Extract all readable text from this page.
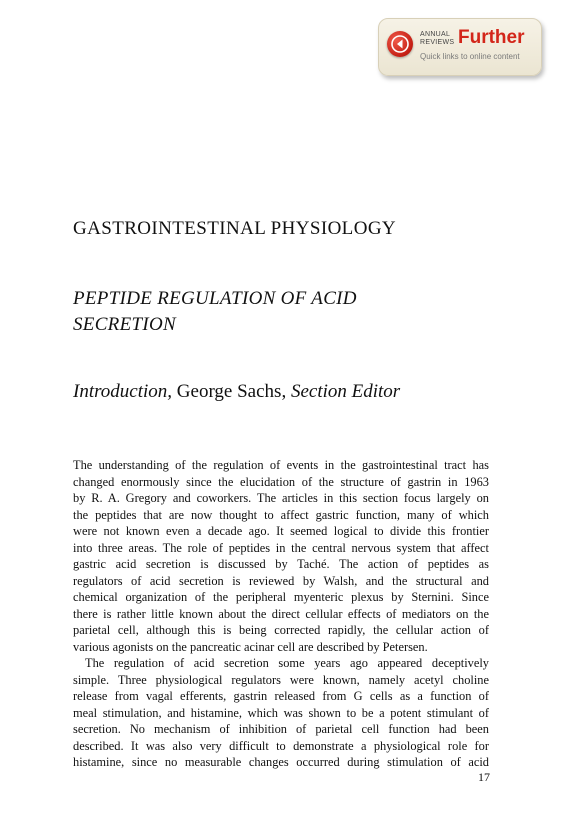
ANNUAL
REVIEWS Further
Quick links to online content
GASTROINTESTINAL PHYSIOLOGY
PEPTIDE REGULATION OF ACID
SECRETION

Introduction, George Sachs, Section Editor

The understanding of the regulation of events in the gastrointestinal tract has
changed enormously since the elucidation of the structure of gastrin in 1963
by R. A. Gregory and coworkers. The articles in this section focus largely on
the peptides that are now thought to affect gastric function, many of which
were not known even a decade ago. It seemed logical to divide this frontier
into three areas. The role of peptides in the central nervous system that affect
gastric acid secretion is discussed by Taché. The action of peptides as
regulators of acid secretion is reviewed by Walsh, and the structural and
chemical organization of the peripheral myenteric plexus by Sternini. Since
there is rather little known about the direct cellular effects of mediators on the
parietal cell, although this is being corrected rapidly, the cellular action of
various agonists on the pancreatic acinar cell are described by Petersen.
The regulation of acid secretion some years ago appeared deceptively
simple. Three physiological regulators were known, namely acetyl choline
release from vagal efferents, gastrin released from G cells as a function of
meal stimulation, and histamine, which was shown to be a potent stimulant of
secretion. No mechanism of inhibition of parietal cell function had been
described. It was also very difficult to demonstrate a physiological role for
histamine, since no measurable changes occurred during stimulation of acid
17
